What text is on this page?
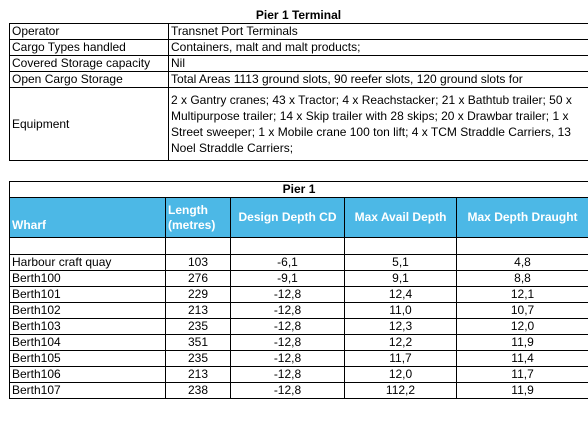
Pier 1 Terminal	
Operator	Transnet Port Terminals
Cargo Types handled	Containers, malt and malt products;
Covered Storage capacity	Nil
Open Cargo Storage	Total Areas 1113 ground slots, 90 reefer slots, 120 ground slots for
Equipment	2 x Gantry cranes; 43 x Tractor; 4 x Reachstacker; 21 x Bathtub trailer; 50 x Multipurpose trailer; 14 x Skip trailer with 28 skips; 20 x Drawbar trailer; 1 x Street sweeper; 1 x Mobile crane 100 ton lift; 4 x TCM Straddle Carriers, 13 Noel Straddle Carriers;
Pier 1				
Wharf	Length (metres)	Design Depth CD	Max Avail Depth	Max Depth Draught

Harbour craft quay	103	-6,1	5,1	4,8
Berth100	276	-9,1	9,1	8,8
Berth101	229	-12,8	12,4	12,1
Berth102	213	-12,8	11,0	10,7
Berth103	235	-12,8	12,3	12,0
Berth104	351	-12,8	12,2	11,9
Berth105	235	-12,8	11,7	11,4
Berth106	213	-12,8	12,0	11,7
Berth107	238	-12,8	112,2	11,9
